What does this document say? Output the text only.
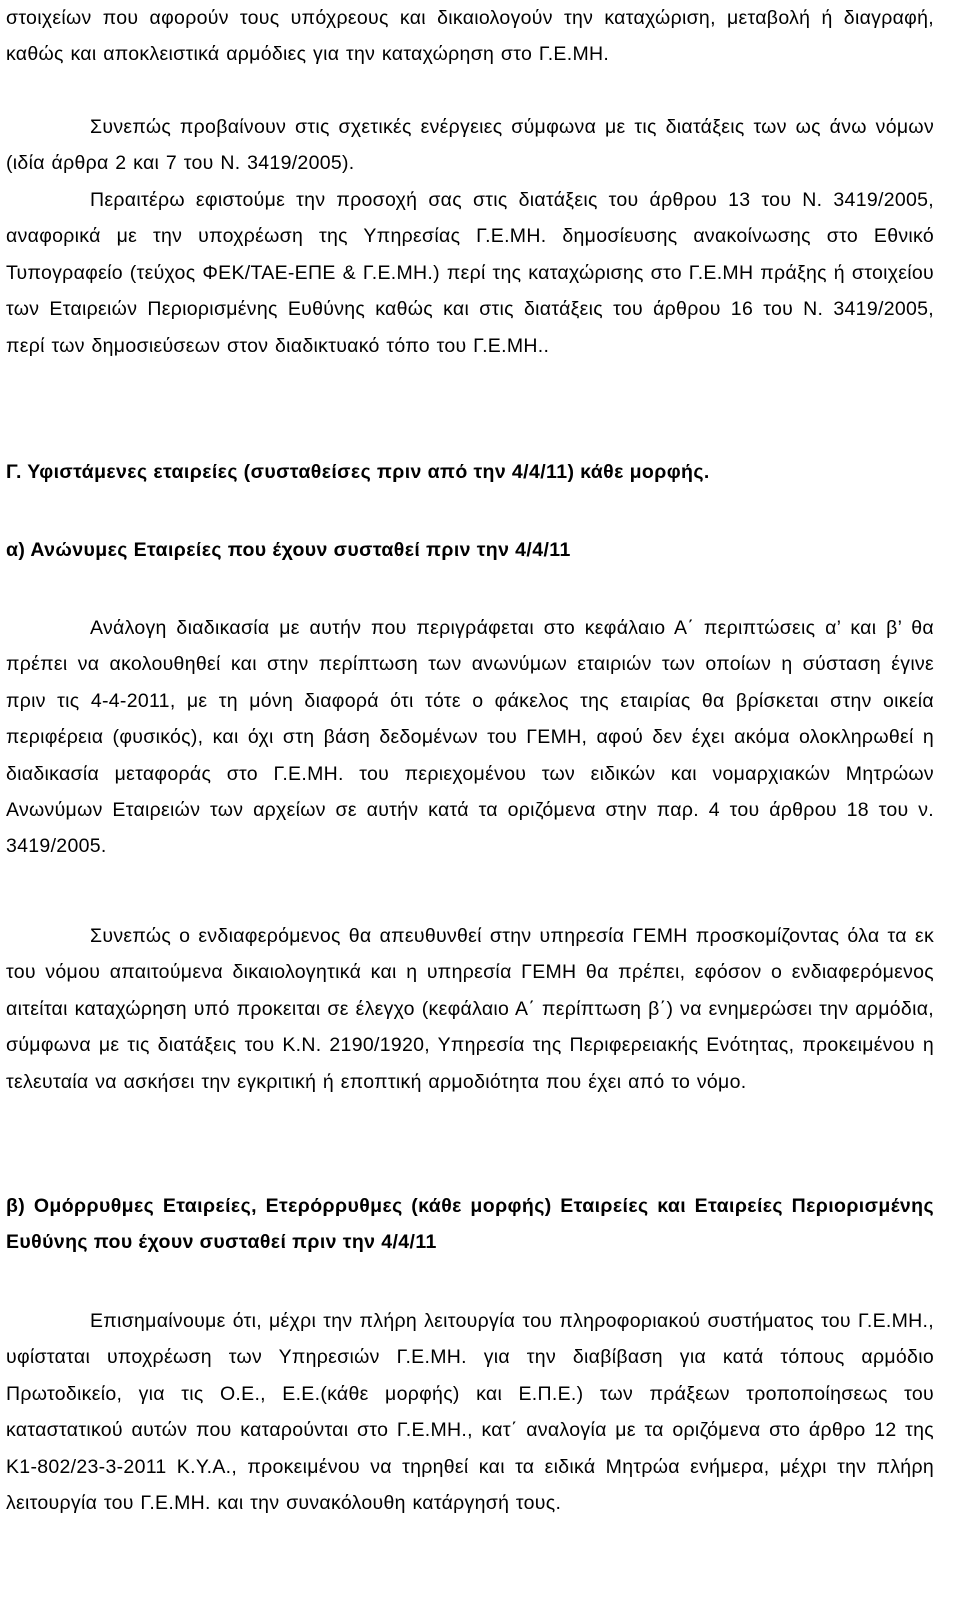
στοιχείων που αφορούν τους υπόχρεους και δικαιολογούν την καταχώριση, μεταβολή ή διαγραφή, καθώς και αποκλειστικά αρμόδιες για την καταχώρηση στο Γ.Ε.ΜΗ.
Συνεπώς προβαίνουν στις σχετικές ενέργειες σύμφωνα με τις διατάξεις των ως άνω νόμων (ιδία άρθρα 2 και 7 του Ν. 3419/2005).
Περαιτέρω εφιστούμε την προσοχή σας στις διατάξεις του άρθρου 13 του Ν. 3419/2005, αναφορικά με την υποχρέωση της Υπηρεσίας Γ.Ε.ΜΗ. δημοσίευσης ανακοίνωσης στο Εθνικό Τυπογραφείο (τεύχος ΦΕΚ/ΤΑΕ-ΕΠΕ & Γ.Ε.ΜΗ.) περί της καταχώρισης στο Γ.Ε.ΜΗ πράξης ή στοιχείου των Εταιρειών Περιορισμένης Ευθύνης καθώς και στις διατάξεις του άρθρου 16 του Ν. 3419/2005, περί των δημοσιεύσεων στον διαδικτυακό τόπο του Γ.Ε.ΜΗ..
Γ. Υφιστάμενες εταιρείες (συσταθείσες πριν από την 4/4/11) κάθε μορφής.
α) Ανώνυμες Εταιρείες που έχουν συσταθεί πριν την 4/4/11
Ανάλογη διαδικασία με αυτήν που περιγράφεται στο κεφάλαιο Α΄ περιπτώσεις α’ και β’ θα πρέπει να ακολουθηθεί και στην περίπτωση των ανωνύμων εταιριών των οποίων η σύσταση έγινε πριν τις 4-4-2011, με τη μόνη διαφορά ότι τότε ο φάκελος της εταιρίας θα βρίσκεται στην οικεία περιφέρεια (φυσικός), και όχι στη βάση δεδομένων του ΓΕΜΗ, αφού δεν έχει ακόμα ολοκληρωθεί η διαδικασία μεταφοράς στο Γ.Ε.ΜΗ. του περιεχομένου των ειδικών και νομαρχιακών Μητρώων Ανωνύμων Εταιρειών των αρχείων σε αυτήν κατά τα οριζόμενα στην παρ. 4 του άρθρου 18 του ν. 3419/2005.
Συνεπώς ο ενδιαφερόμενος θα απευθυνθεί στην υπηρεσία ΓΕΜΗ προσκομίζοντας όλα τα εκ του νόμου απαιτούμενα δικαιολογητικά και η υπηρεσία ΓΕΜΗ θα πρέπει, εφόσον ο ενδιαφερόμενος αιτείται καταχώρηση υπό προκειται σε έλεγχο (κεφάλαιο Α΄ περίπτωση β΄) να ενημερώσει την αρμόδια, σύμφωνα με τις διατάξεις του Κ.Ν. 2190/1920, Υπηρεσία της Περιφερειακής Ενότητας, προκειμένου η τελευταία να ασκήσει την εγκριτική ή εποπτική αρμοδιότητα που έχει από το νόμο.
β) Ομόρρυθμες Εταιρείες, Ετερόρρυθμες (κάθε μορφής) Εταιρείες και Εταιρείες Περιορισμένης Ευθύνης που έχουν συσταθεί πριν την 4/4/11
Επισημαίνουμε ότι, μέχρι την πλήρη λειτουργία του πληροφοριακού συστήματος του Γ.Ε.ΜΗ., υφίσταται υποχρέωση των Υπηρεσιών Γ.Ε.ΜΗ. για την διαβίβαση για κατά τόπους αρμόδιο Πρωτοδικείο, για τις Ο.Ε., Ε.Ε.(κάθε μορφής) και Ε.Π.Ε.) των πράξεων τροποποίησεως του καταστατικού αυτών που καταρούνται στο Γ.Ε.ΜΗ., κατ΄ αναλογία με τα οριζόμενα στο άρθρο 12 της Κ1-802/23-3-2011 Κ.Υ.Α., προκειμένου να τηρηθεί και τα ειδικά Μητρώα ενήμερα, μέχρι την πλήρη λειτουργία του Γ.Ε.ΜΗ. και την συνακόλουθη κατάργησή τους.
